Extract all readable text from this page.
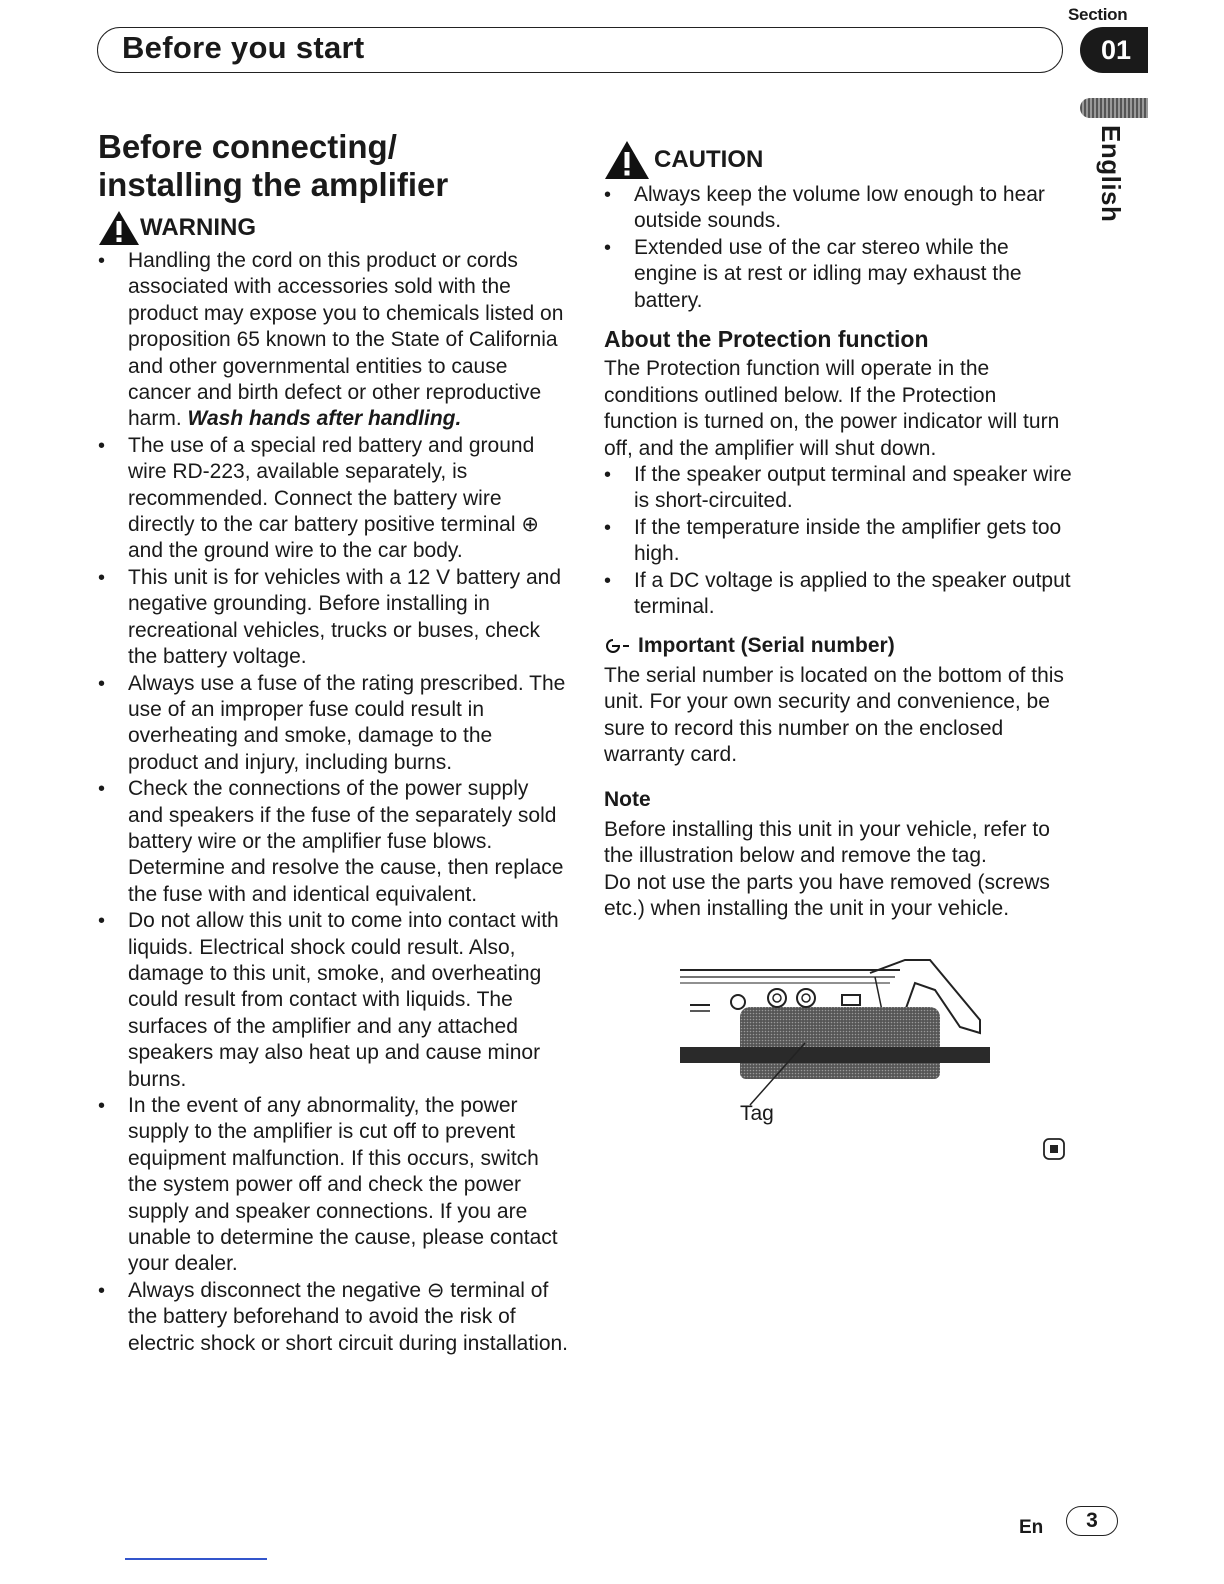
Section
Before you start	01
English
Before connecting/
installing the amplifier
WARNING
• Handling the cord on this product or cords associated with accessories sold with the product may expose you to chemicals listed on proposition 65 known to the State of California and other governmental entities to cause cancer and birth defect or other reproductive harm. Wash hands after handling.
• The use of a special red battery and ground wire RD-223, available separately, is recommended. Connect the battery wire directly to the car battery positive terminal ⊕ and the ground wire to the car body.
• This unit is for vehicles with a 12 V battery and negative grounding. Before installing in recreational vehicles, trucks or buses, check the battery voltage.
• Always use a fuse of the rating prescribed. The use of an improper fuse could result in overheating and smoke, damage to the product and injury, including burns.
• Check the connections of the power supply and speakers if the fuse of the separately sold battery wire or the amplifier fuse blows. Determine and resolve the cause, then replace the fuse with and identical equivalent.
• Do not allow this unit to come into contact with liquids. Electrical shock could result. Also, damage to this unit, smoke, and overheating could result from contact with liquids. The surfaces of the amplifier and any attached speakers may also heat up and cause minor burns.
• In the event of any abnormality, the power supply to the amplifier is cut off to prevent equipment malfunction. If this occurs, switch the system power off and check the power supply and speaker connections. If you are unable to determine the cause, please contact your dealer.
• Always disconnect the negative ⊖ terminal of the battery beforehand to avoid the risk of electric shock or short circuit during installation.
CAUTION
• Always keep the volume low enough to hear outside sounds.
• Extended use of the car stereo while the engine is at rest or idling may exhaust the battery.
About the Protection function

The Protection function will operate in the conditions outlined below. If the Protection function is turned on, the power indicator will turn off, and the amplifier will shut down.

• If the speaker output terminal and speaker wire is short-circuited.
• If the temperature inside the amplifier gets too high.
• If a DC voltage is applied to the speaker output terminal.
Important (Serial number)

The serial number is located on the bottom of this unit. For your own security and convenience, be sure to record this number on the enclosed warranty card.

Note

Before installing this unit in your vehicle, refer to the illustration below and remove the tag.

Do not use the parts you have removed (screws etc.) when installing the unit in your vehicle.

Tag
En	3
